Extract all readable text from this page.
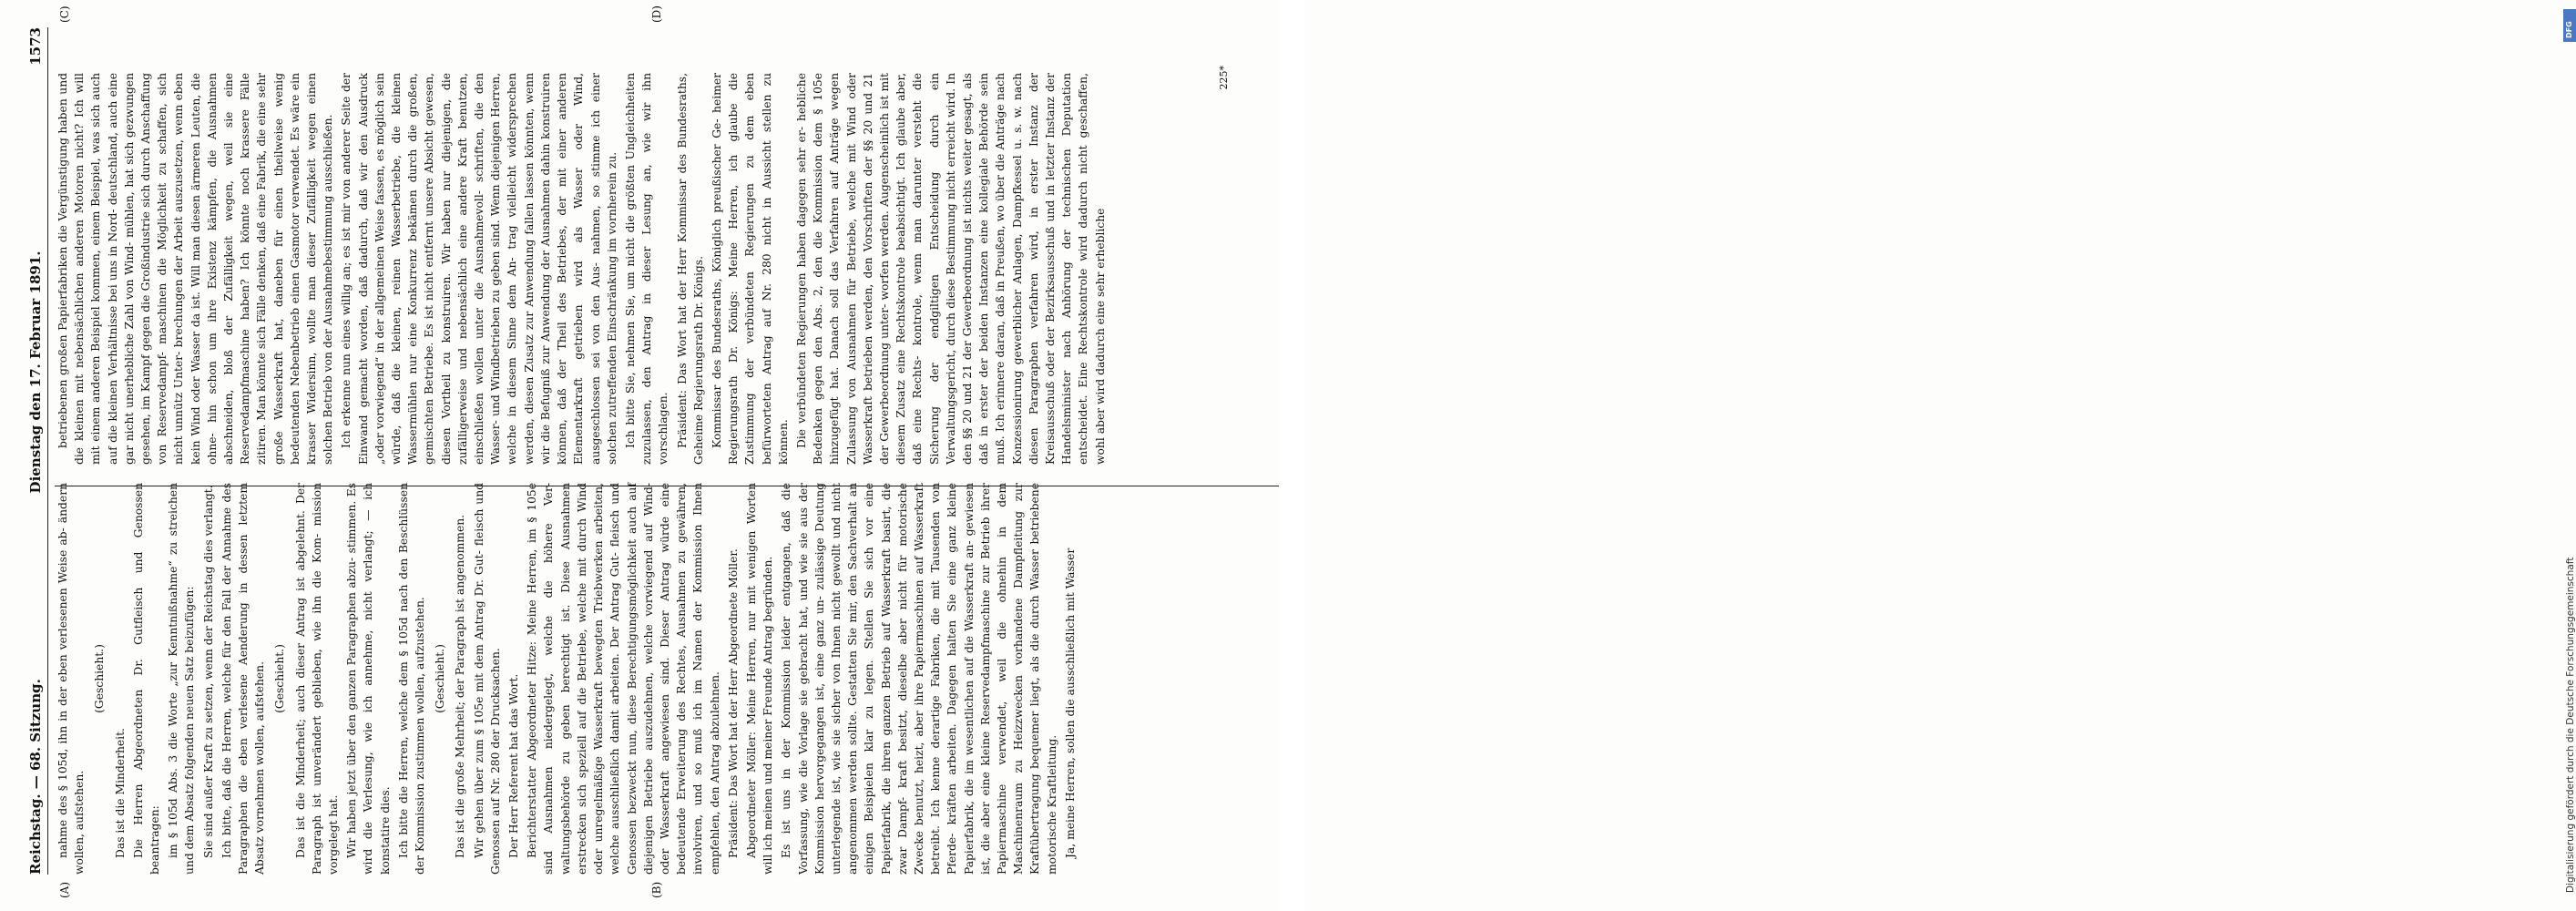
Reichstag. — 68. Sitzung.
Dienstag den 17. Februar 1891.
1573
(A)	(B)
(C)	(D)

nahme des § 105d, ihn in der eben verlesenen Weise ab- ändern wollen, aufstehen.

(Geschieht.)

Das ist die Minderheit. Die Herren Abgeordneten Dr. Gutfleisch und Genossen beantragen: im § 105d Abs. 3 die Worte „zur Kenntnißnahme“ zu streichen und dem Absatz folgenden neuen Satz beizufügen: Sie sind außer Kraft zu setzen, wenn der Reichstag dies verlangt. Ich bitte, daß die Herren, welche für den Fall der Annahme des Paragraphen die eben verlesene Aenderung in dessen letztem Absatz vornehmen wollen, aufstehen. (Geschieht.) Das ist die Minderheit; auch dieser Antrag ist abgelehnt. Der Paragraph ist unverändert geblieben, wie ihn die Kom- mission vorgelegt hat. Wir haben jetzt über den ganzen Paragraphen abzu- stimmen. Es wird die Verlesung, wie ich annehme, nicht verlangt; — ich konstatire dies. Ich bitte die Herren, welche dem § 105d nach den Beschlüssen der Kommission zustimmen wollen, aufzustehen. (Geschieht.) Das ist die große Mehrheit; der Paragraph ist angenommen. Wir gehen über zum § 105e mit dem Antrag Dr. Gut- fleisch und Genossen auf Nr. 280 der Drucksachen. Der Herr Referent hat das Wort. Berichterstatter Abgeordneter Hitze: Meine Herren, im § 105e sind Ausnahmen niedergelegt, welche die höhere Ver- waltungsbehörde zu geben berechtigt ist. Diese Ausnahmen erstrecken sich speziell auf die Betriebe, welche mit durch Wind oder unregelmäßige Wasserkraft bewegten Triebwerken arbeiten, welche ausschließlich damit arbeiten. Der Antrag Gut- fleisch und Genossen bezweckt nun, diese Berechtigungsmöglichkeit auch auf diejenigen Betriebe auszudehnen, welche vorwiegend auf Wind- oder Wasserkraft angewiesen sind. Dieser Antrag würde eine bedeutende Erweiterung des Rechtes, Ausnahmen zu gewähren, involviren, und so muß ich im Namen der Kommission Ihnen empfehlen, den Antrag abzulehnen. Präsident: Das Wort hat der Herr Abgeordnete Möller. Abgeordneter Möller: Meine Herren, nur mit wenigen Worten will ich meinen und meiner Freunde Antrag begründen. Es ist uns in der Kommission leider entgangen, daß die Vorfassung, wie die Vorlage sie gebracht hat, und wie sie aus der Kommission hervorgegangen ist, eine ganz un- zulässige Deutung unterlegende ist, wie sie sicher von Ihnen nicht gewollt und nicht angenommen werden sollte. Gestatten Sie mir, den Sachverhalt an einigen Beispielen klar zu legen. Stellen Sie sich vor eine Papierfabrik, die ihren ganzen Betrieb auf Wasserkraft basirt, die zwar Dampf- kraft besitzt, dieselbe aber nicht für motorische Zwecke benutzt, heizt, aber ihre Papiermaschinen auf Wasserkraft betreibt. Ich kenne derartige Fabriken, die mit Tausenden von Pferde- kräften arbeiten. Dagegen halten Sie eine ganz kleine Papierfabrik, die im wesentlichen auf die Wasserkraft an- gewiesen ist, die aber eine kleine Reservedampfmaschine zur Betrieb ihrer Papiermaschine verwendet, weil die ohnehin in dem Maschinenraum zu Heizzwecken vorhandene Dampfleitung zur Kraftübertragung bequemer liegt, als die durch Wasser betriebene motorische Kraftleitung. Ja, meine Herren, sollen die ausschließlich mit Wasser

betriebenen großen Papierfabriken die Vergünstigung haben und die kleinen mit nebensächlichen anderen Motoren nicht? Ich will mit einem anderen Beispiel kommen, einem Beispiel, was sich auch auf die kleinen Verhältnisse bei uns in Nord- deutschland, auch eine gar nicht unerhebliche Zahl von Wind- mühlen, hat sich gezwungen gesehen, im Kampf gegen die Großindustrie sich durch Anschaffung von Reservedampf- maschinen die Möglichkeit zu schaffen, sich nicht unnütz Unter- brechungen der Arbeit auszusetzen, wenn eben kein Wind oder Wasser da ist. Will man diesen ärmeren Leuten, die ohne- hin schon um ihre Existenz kämpfen, die Ausnahmen abschneiden, bloß der Zufälligkeit wegen, weil sie eine Reservedampfmaschine haben? Ich könnte noch krassere Fälle zitiren. Man könnte sich Fälle denken, daß eine Fabrik, die eine sehr große Wasserkraft hat, daneben für einen theilweise wenig bedeutenden Nebenbetrieb einen Gasmotor verwendet. Es wäre ein krasser Widersinn, wollte man dieser Zufälligkeit wegen einen solchen Betrieb von der Ausnahmebestimmung ausschließen. Ich erkenne nun eines willig an; es ist mir von anderer Seite der Einwand gemacht worden, daß dadurch, daß wir den Ausdruck „oder vorwiegend“ in der allgemeinen Weise fassen, es möglich sein würde, daß die kleinen, reinen Wasserbetriebe, die kleinen Wassermühlen nur eine Konkurrenz bekämen durch die großen, gemischten Betriebe. Es ist nicht entfernt unsere Absicht gewesen, diesen Vortheil zu konstruiren. Wir haben nur diejenigen, die zufälligerweise und nebensächlich eine andere Kraft benutzen, einschließen wollen unter die Ausnahmevoll- schriften, die den Wasser- und Windbetrieben zu geben sind. Wenn diejenigen Herren, welche in diesem Sinne dem An- trag vielleicht widersprechen werden, diesen Zusatz zur Anwendung fallen lassen könnten, wenn wir die Befugniß zur Anwendung der Ausnahmen dahin konstruiren können, daß der Theil des Betriebes, der mit einer anderen Elementarkraft getrieben wird als Wasser oder Wind, ausgeschlossen sei von den Aus- nahmen, so stimme ich einer solchen zutreffenden Einschränkung im vornherein zu. Ich bitte Sie, nehmen Sie, um nicht die größten Ungleichheiten zuzulassen, den Antrag in dieser Lesung an, wie wir ihn vorschlagen. Präsident: Das Wort hat der Herr Kommissar des Bundesraths, Geheime Regierungsrath Dr. Königs. Kommissar des Bundesraths, Königlich preußischer Ge- heimer Regierungsrath Dr. Königs: Meine Herren, ich glaube die Zustimmung der verbündeten Regierungen zu dem eben befürworteten Antrag auf Nr. 280 nicht in Aussicht stellen zu können. Die verbündeten Regierungen haben dagegen sehr er- hebliche Bedenken gegen den Abs. 2, den die Kommission dem § 105e hinzugefügt hat. Danach soll das Verfahren auf Anträge wegen Zulassung von Ausnahmen für Betriebe, welche mit Wind oder Wasserkraft betrieben werden, den Vorschriften der §§ 20 und 21 der Gewerbeordnung unter- worfen werden. Augenscheinlich ist mit diesem Zusatz eine Rechtskontrole beabsichtigt. Ich glaube aber, daß eine Rechts- kontrole, wenn man darunter versteht die Sicherung der endgiltigen Entscheidung durch ein Verwaltungsgericht, durch diese Bestimmung nicht erreicht wird. In den §§ 20 und 21 der Gewerbeordnung ist nichts weiter gesagt, als daß in erster der beiden Instanzen eine kollegiale Behörde sein muß. Ich erinnere daran, daß in Preußen, wo über die Anträge nach Konzessionirung gewerblicher Anlagen, Dampfkessel u. s. w. nach diesen Paragraphen verfahren wird, in erster Instanz der Kreisausschuß oder der Bezirksausschuß und in letzter Instanz der Handelsminister nach Anhörung der technischen Deputation entscheidet. Eine Rechtskontrole wird dadurch nicht geschaffen, wohl aber wird dadurch eine sehr erhebliche

225*
DFG
Digitalisierung gefördert durch die Deutsche Forschungsgemeinschaft
